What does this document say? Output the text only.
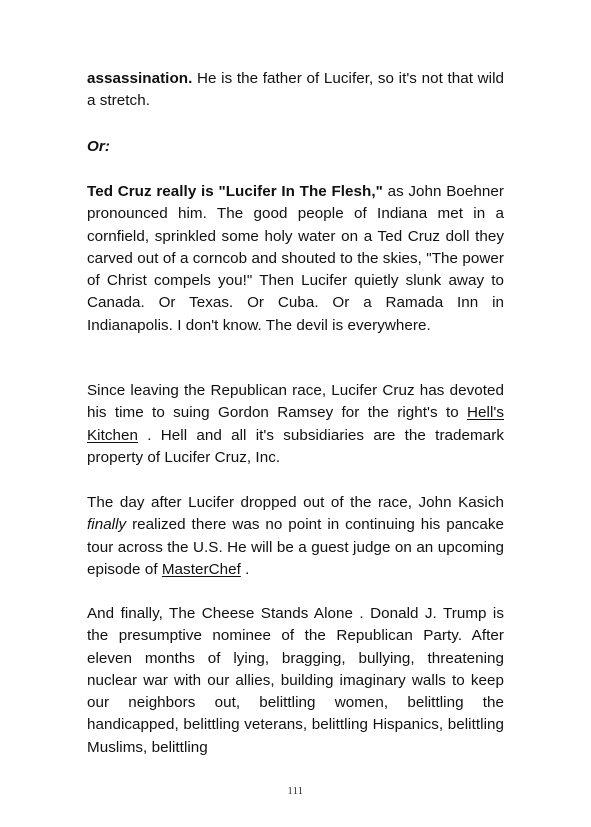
assassination. He is the father of Lucifer, so it's not that wild a stretch.
Or:
Ted Cruz really is "Lucifer In The Flesh," as John Boehner pronounced him. The good people of Indiana met in a cornfield, sprinkled some holy water on a Ted Cruz doll they carved out of a corncob and shouted to the skies, "The power of Christ compels you!" Then Lucifer quietly slunk away to Canada. Or Texas. Or Cuba. Or a Ramada Inn in Indianapolis. I don't know. The devil is everywhere.
Since leaving the Republican race, Lucifer Cruz has devoted his time to suing Gordon Ramsey for the right's to Hell's Kitchen . Hell and all it's subsidiaries are the trademark property of Lucifer Cruz, Inc.
The day after Lucifer dropped out of the race, John Kasich finally realized there was no point in continuing his pancake tour across the U.S. He will be a guest judge on an upcoming episode of MasterChef .
And finally, The Cheese Stands Alone . Donald J. Trump is the presumptive nominee of the Republican Party. After eleven months of lying, bragging, bullying, threatening nuclear war with our allies, building imaginary walls to keep our neighbors out, belittling women, belittling the handicapped, belittling veterans, belittling Hispanics, belittling Muslims, belittling
111
